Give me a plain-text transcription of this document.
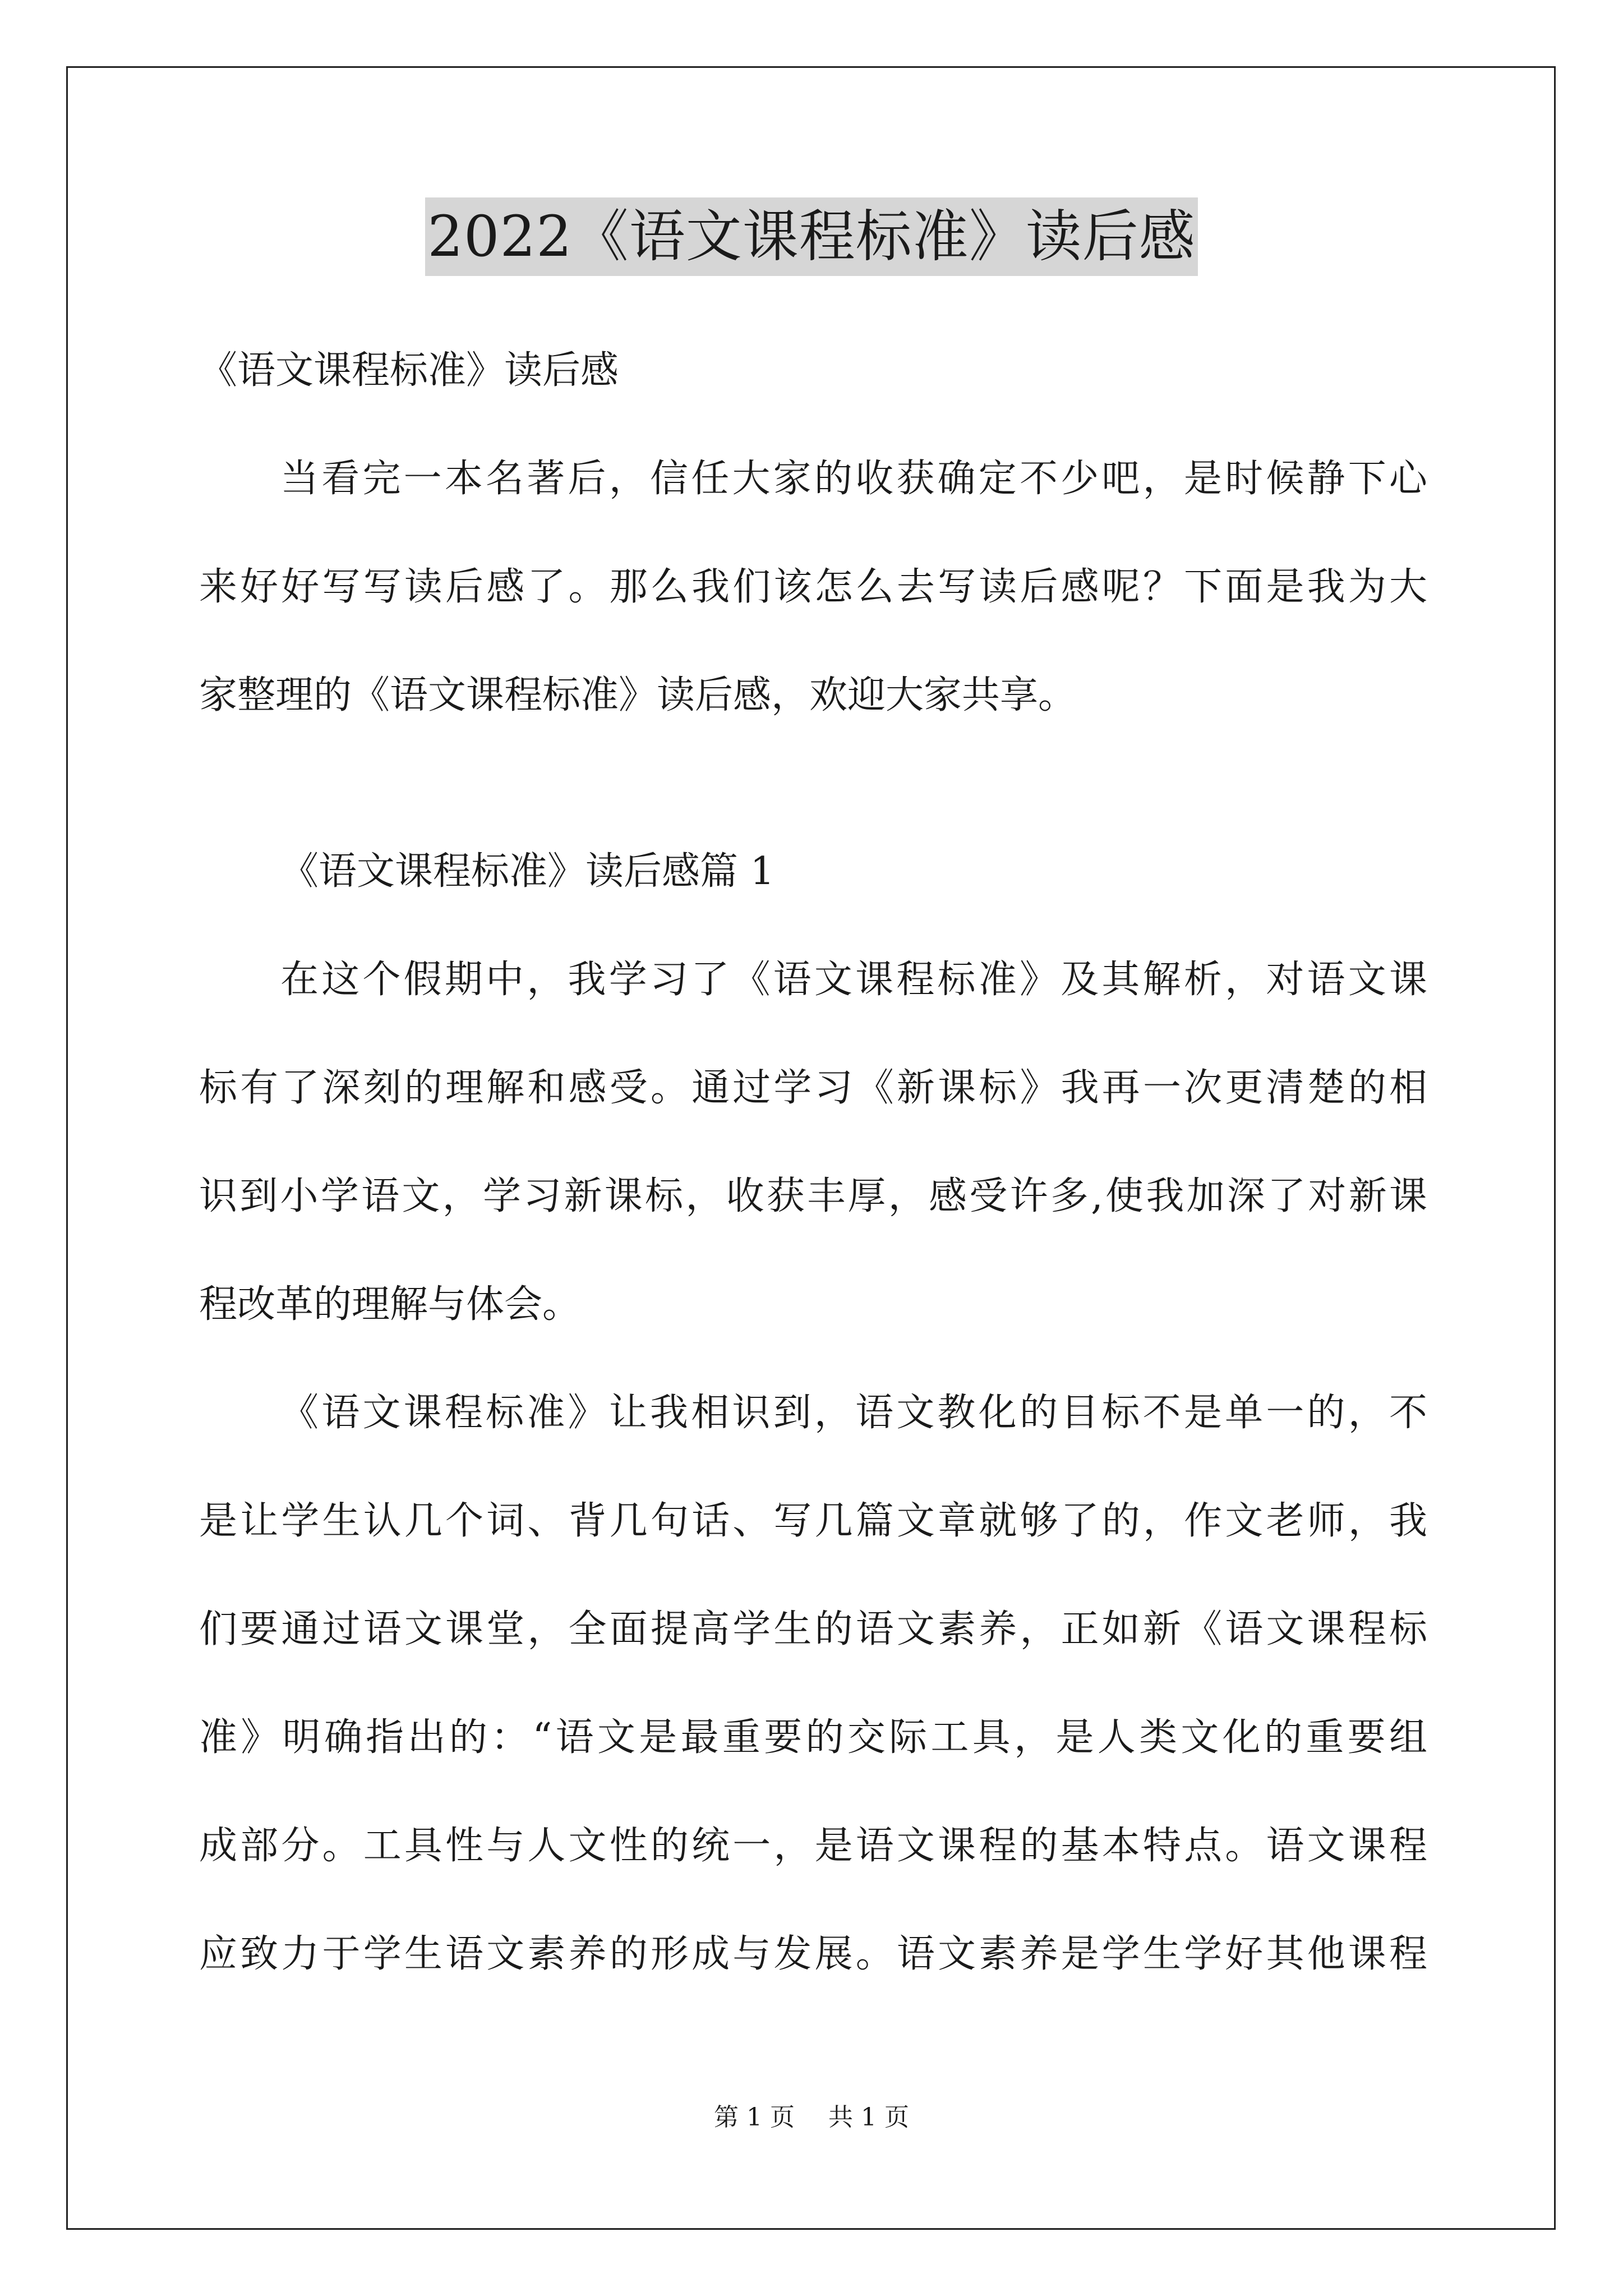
2022《语文课程标准》读后感
《语文课程标准》读后感
当看完一本名著后，信任大家的收获确定不少吧，是时候静下心
来好好写写读后感了。那么我们该怎么去写读后感呢？下面是我为大
家整理的《语文课程标准》读后感，欢迎大家共享。
《语文课程标准》读后感篇 1
在这个假期中，我学习了《语文课程标准》及其解析，对语文课
标有了深刻的理解和感受。通过学习《新课标》我再一次更清楚的相
识到小学语文，学习新课标，收获丰厚，感受许多,使我加深了对新课
程改革的理解与体会。
《语文课程标准》让我相识到，语文教化的目标不是单一的，不
是让学生认几个词、背几句话、写几篇文章就够了的，作文老师，我
们要通过语文课堂，全面提高学生的语文素养，正如新《语文课程标
准》明确指出的：“语文是最重要的交际工具，是人类文化的重要组
成部分。工具性与人文性的统一，是语文课程的基本特点。语文课程
应致力于学生语文素养的形成与发展。语文素养是学生学好其他课程
第 1 页 共 1 页
